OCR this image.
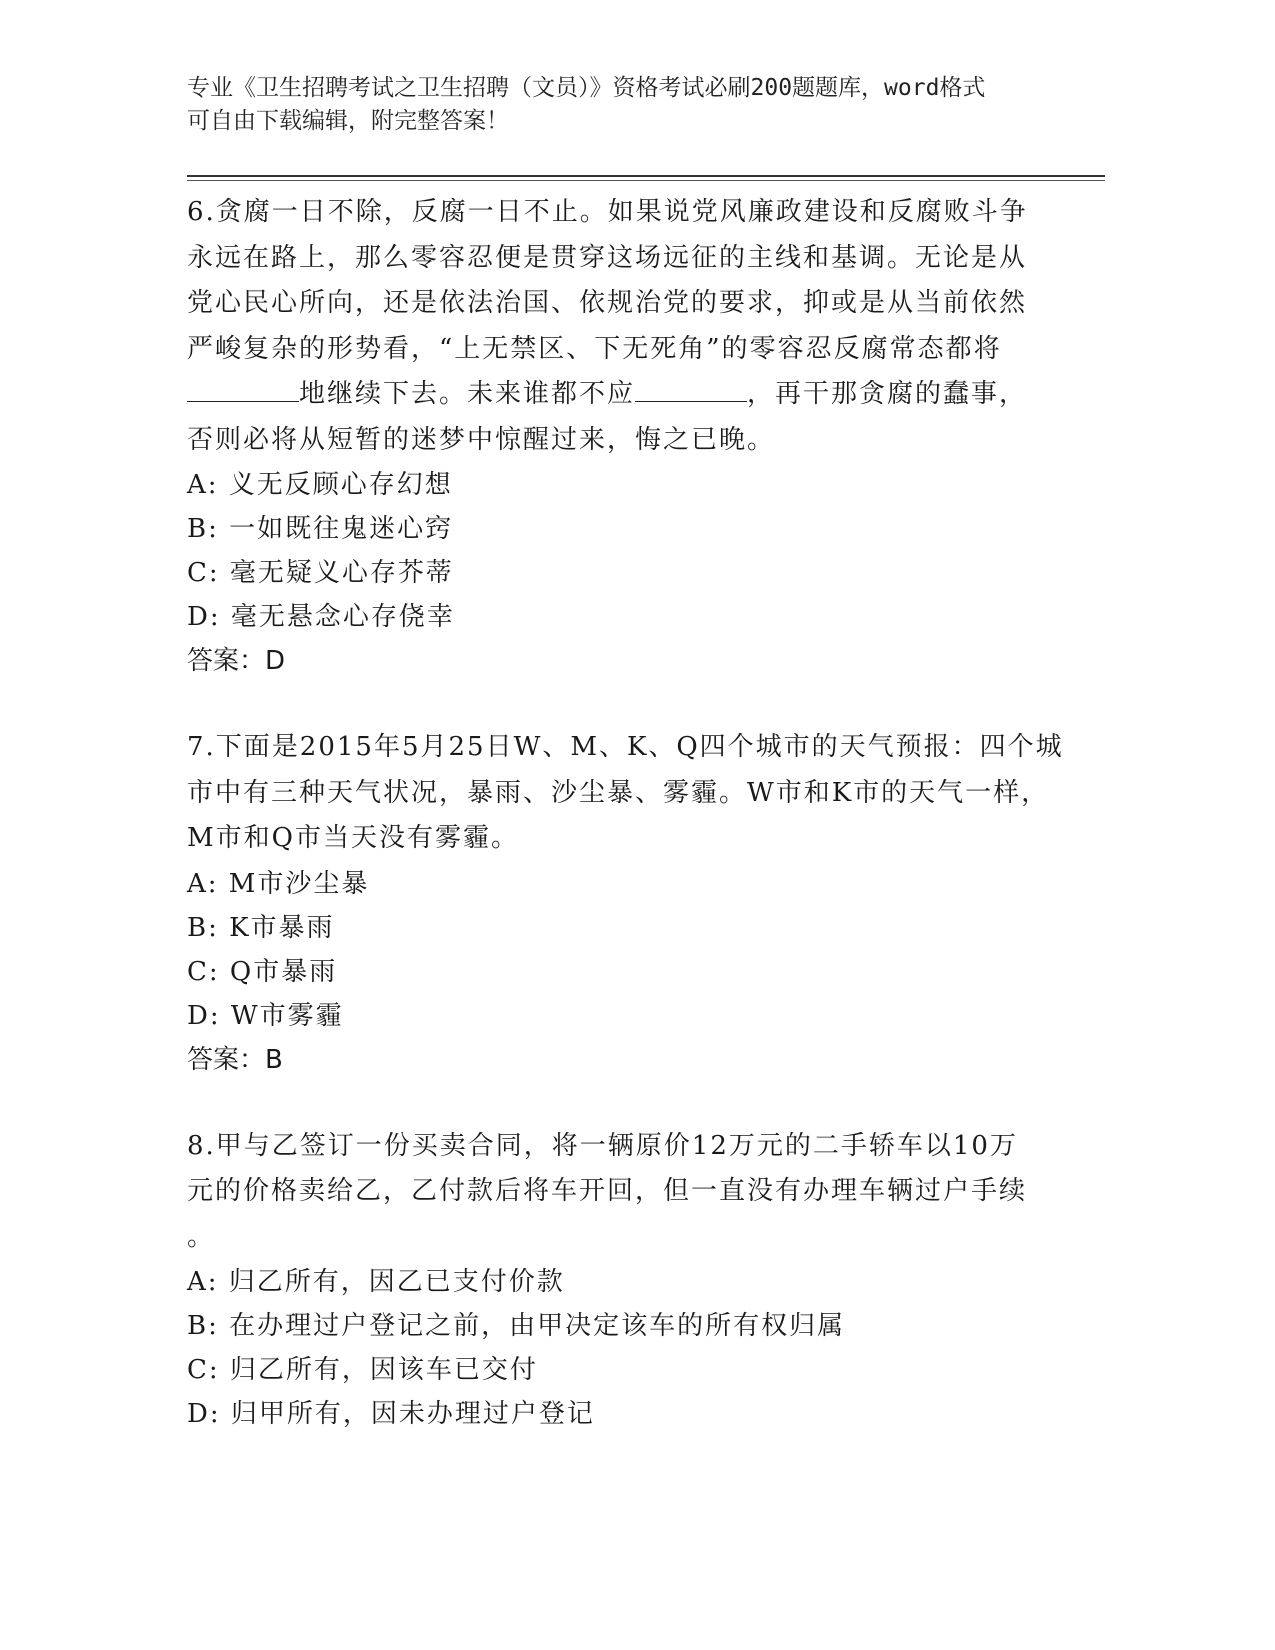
专业《卫生招聘考试之卫生招聘（文员）》资格考试必刷200题题库，word格式
可自由下载编辑，附完整答案！

6.贪腐一日不除，反腐一日不止。如果说党风廉政建设和反腐败斗争

永远在路上，那么零容忍便是贯穿这场远征的主线和基调。无论是从

党心民心所向，还是依法治国、依规治党的要求，抑或是从当前依然

严峻复杂的形势看，“上无禁区、下无死角”的零容忍反腐常态都将

地继续下去。未来谁都不应	，再干那贪腐的蠢事，

否则必将从短暂的迷梦中惊醒过来，悔之已晚。

A: 义无反顾心存幻想

B: 一如既往鬼迷心窍

C: 毫无疑义心存芥蒂

D: 毫无悬念心存侥幸

答案：D

7.下面是2015年5月25日W、M、K、Q四个城市的天气预报：四个城

市中有三种天气状况，暴雨、沙尘暴、雾霾。W市和K市的天气一样，

M市和Q市当天没有雾霾。

A: M市沙尘暴

B: K市暴雨

C: Q市暴雨

D: W市雾霾

答案：B

8.甲与乙签订一份买卖合同，将一辆原价12万元的二手轿车以10万

元的价格卖给乙，乙付款后将车开回，但一直没有办理车辆过户手续

。

A: 归乙所有，因乙已支付价款

B: 在办理过户登记之前，由甲决定该车的所有权归属

C: 归乙所有，因该车已交付

D: 归甲所有，因未办理过户登记
